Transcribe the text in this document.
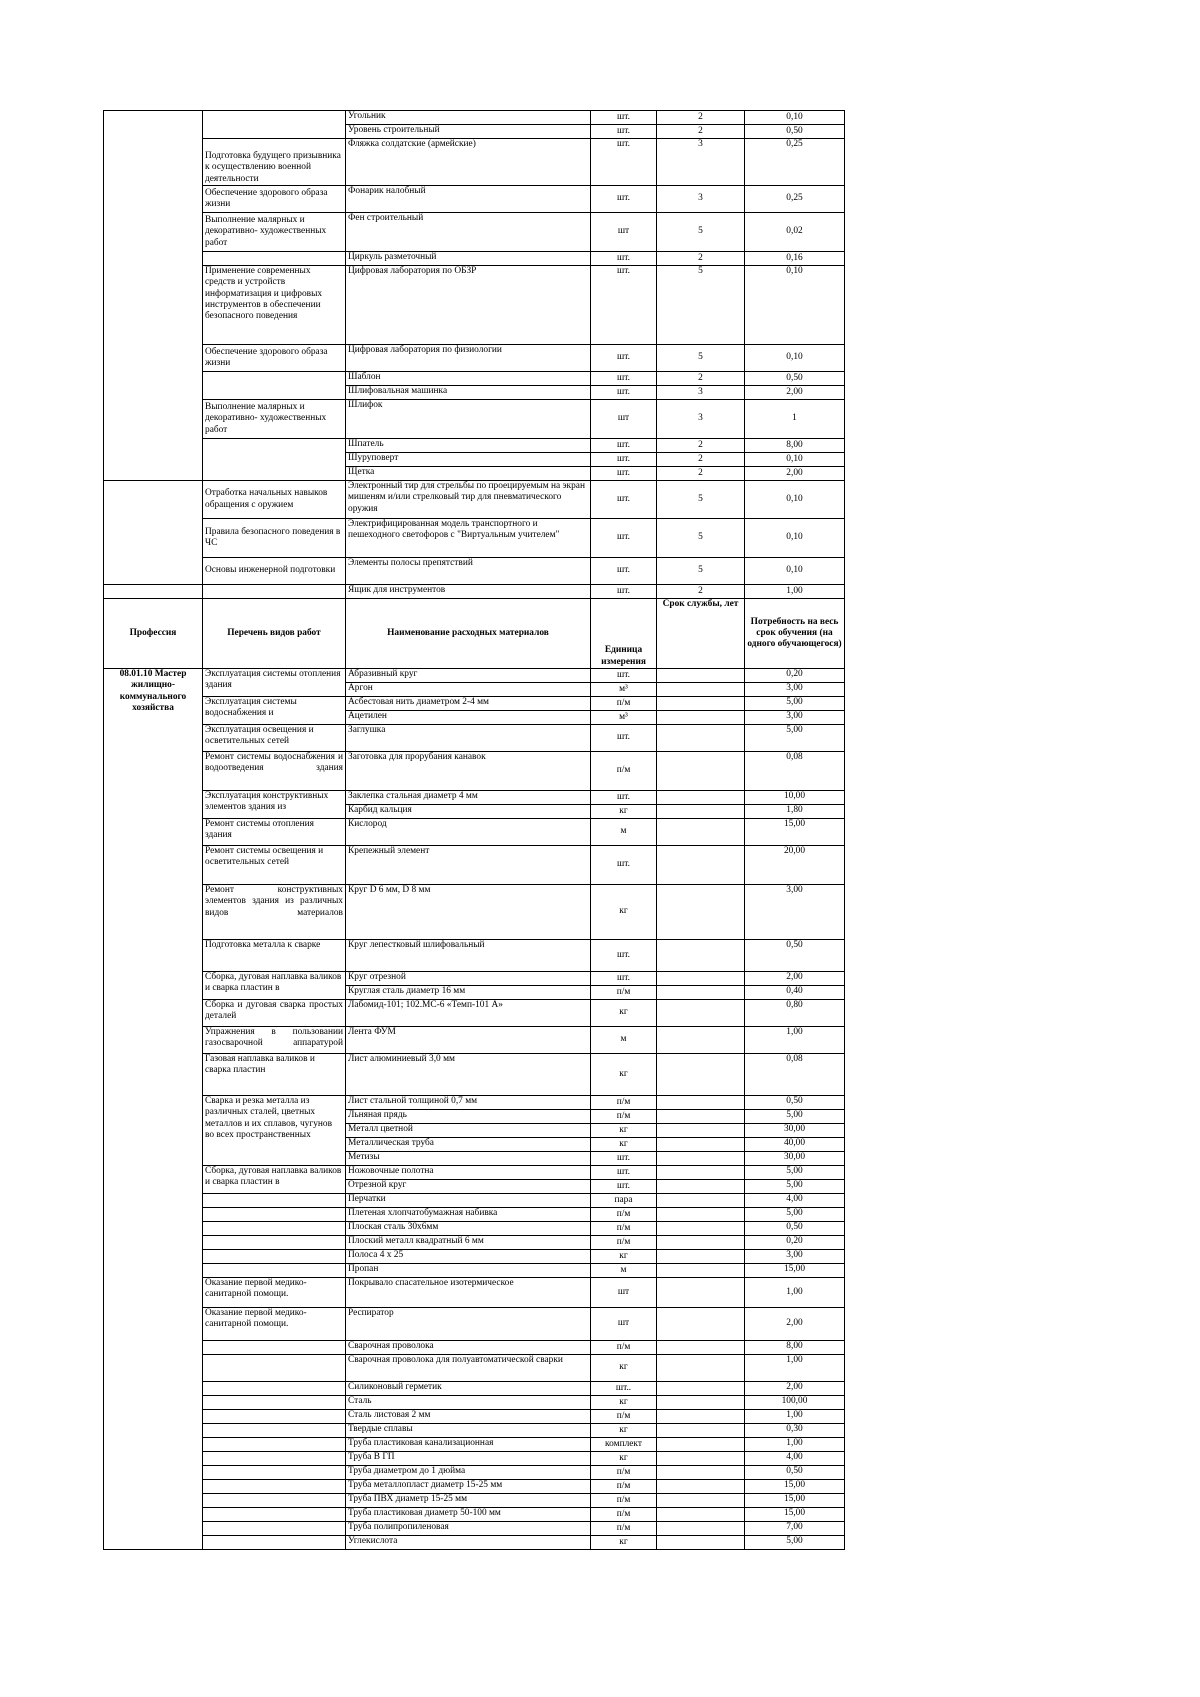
		Угольник	шт.	2	0,10
		Уровень строительный	шт.	2	0,50
	Подготовка будущего призывника к осуществлению военной деятельности	Фляжка солдатские (армейские)	шт.	3	0,25
	Обеспечение здорового образа жизни	Фонарик налобный	шт.	3	0,25
	Выполнение малярных и декоративно- художественных работ	Фен строительный	шт	5	0,02
		Циркуль разметочный	шт.	2	0,16
	Применение современных средств и устройств информатизация и цифровых инструментов в обеспечении безопасного поведения	Цифровая лаборатория по ОБЗР	шт.	5	0,10
	Обеспечение здорового образа жизни	Цифровая лаборатория по физиологии	шт.	5	0,10
		Шаблон	шт.	2	0,50
		Шлифовальная машинка	шт.	3	2,00
	Выполнение малярных и декоративно- художественных работ	Шлифок	шт	3	1
		Шпатель	шт.	2	8,00
		Шуруповерт	шт.	2	0,10
		Щетка	шт.	2	2,00
	Отработка начальных навыков обращения с оружием	Электронный тир для стрельбы по проецируемым на экран мишеням и/или стрелковый тир для пневматического оружия	шт.	5	0,10
	Правила безопасного поведения в ЧС	Электрифицированная модель транспортного и пешеходного светофоров с "Виртуальным учителем"	шт.	5	0,10
	Основы инженерной подготовки	Элементы полосы препятствий	шт.	5	0,10
		Ящик для инструментов	шт.	2	1,00
Профессия	Перечень видов работ	Наименование расходных материалов	Единица измерения	Срок службы, лет	Потребность на весь срок обучения (на одного обучающегося)
08.01.10 Мастер жилищно-коммунального хозяйства	Эксплуатация системы отопления здания	Абразивный круг	шт.		0,20
		Аргон	м³		3,00
	Эксплуатация системы водоснабжения и	Асбестовая нить диаметром 2-4 мм	п/м		5,00
		Ацетилен	м³		3,00
	Эксплуатация освещения и осветительных сетей	Заглушка	шт.		5,00
	Ремонт системы водоснабжения и водоотведения здания	Заготовка для прорубания канавок	п/м		0,08
	Эксплуатация конструктивных элементов здания из	Заклепка стальная диаметр 4 мм	шт.		10,00
		Карбид кальция	кг		1,80
	Ремонт системы отопления здания	Кислород	м		15,00
	Ремонт системы освещения и осветительных сетей	Крепежный элемент	шт.		20,00
	Ремонт конструктивных элементов здания из различных видов материалов	Круг D 6 мм, D 8 мм	кг		3,00
	Подготовка металла к сварке	Круг лепестковый шлифовальный	шт.		0,50
	Сборка, дуговая наплавка валиков и сварка пластин в	Круг отрезной	шт.		2,00
		Круглая сталь диаметр 16 мм	п/м		0,40
	Сборка и дуговая сварка простых деталей	Лабомид-101; 102.МС-6 «Темп-101 А»	кг		0,80
	Упражнения в пользовании газосварочной аппаратурой	Лента ФУМ	м		1,00
	Газовая наплавка валиков и сварка пластин	Лист алюминиевый 3,0 мм	кг		0,08
	Сварка и резка металла из различных сталей, цветных металлов и их сплавов, чугунов во всех пространственных	Лист стальной толщиной 0,7 мм	п/м		0,50
		Льняная прядь	п/м		5,00
		Металл цветной	кг		30,00
		Металлическая труба	кг		40,00
		Метизы	шт.		30,00
	Сборка, дуговая наплавка валиков и сварка пластин в	Ножовочные полотна	шт.		5,00
		Отрезной круг	шт.		5,00
		Перчатки	пара		4,00
		Плетеная хлопчатобумажная набивка	п/м		5,00
		Плоская сталь 30х6мм	п/м		0,50
		Плоский металл квадратный 6 мм	п/м		0,20
		Полоса 4 х 25	кг		3,00
		Пропан	м		15,00
	Оказание первой медико-санитарной помощи.	Покрывало спасательное изотермическое	шт		1,00
	Оказание первой медико-санитарной помощи.	Респиратор	шт		2,00
		Сварочная проволока	п/м		8,00
		Сварочная проволока для полуавтоматической сварки	кг		1,00
		Силиконовый герметик	шт..		2,00
		Сталь	кг		100,00
		Сталь листовая 2 мм	п/м		1,00
		Твердые сплавы	кг		0,30
		Труба пластиковая канализационная	комплект		1,00
		Труба В ГП	кг		4,00
		Труба диаметром до 1 дюйма	п/м		0,50
		Труба металлопласт диаметр 15-25 мм	п/м		15,00
		Труба ПВХ диаметр 15-25 мм	п/м		15,00
		Труба пластиковая диаметр 50-100 мм	п/м		15,00
		Труба полипропиленовая	п/м		7,00
		Углекислота	кг		5,00
